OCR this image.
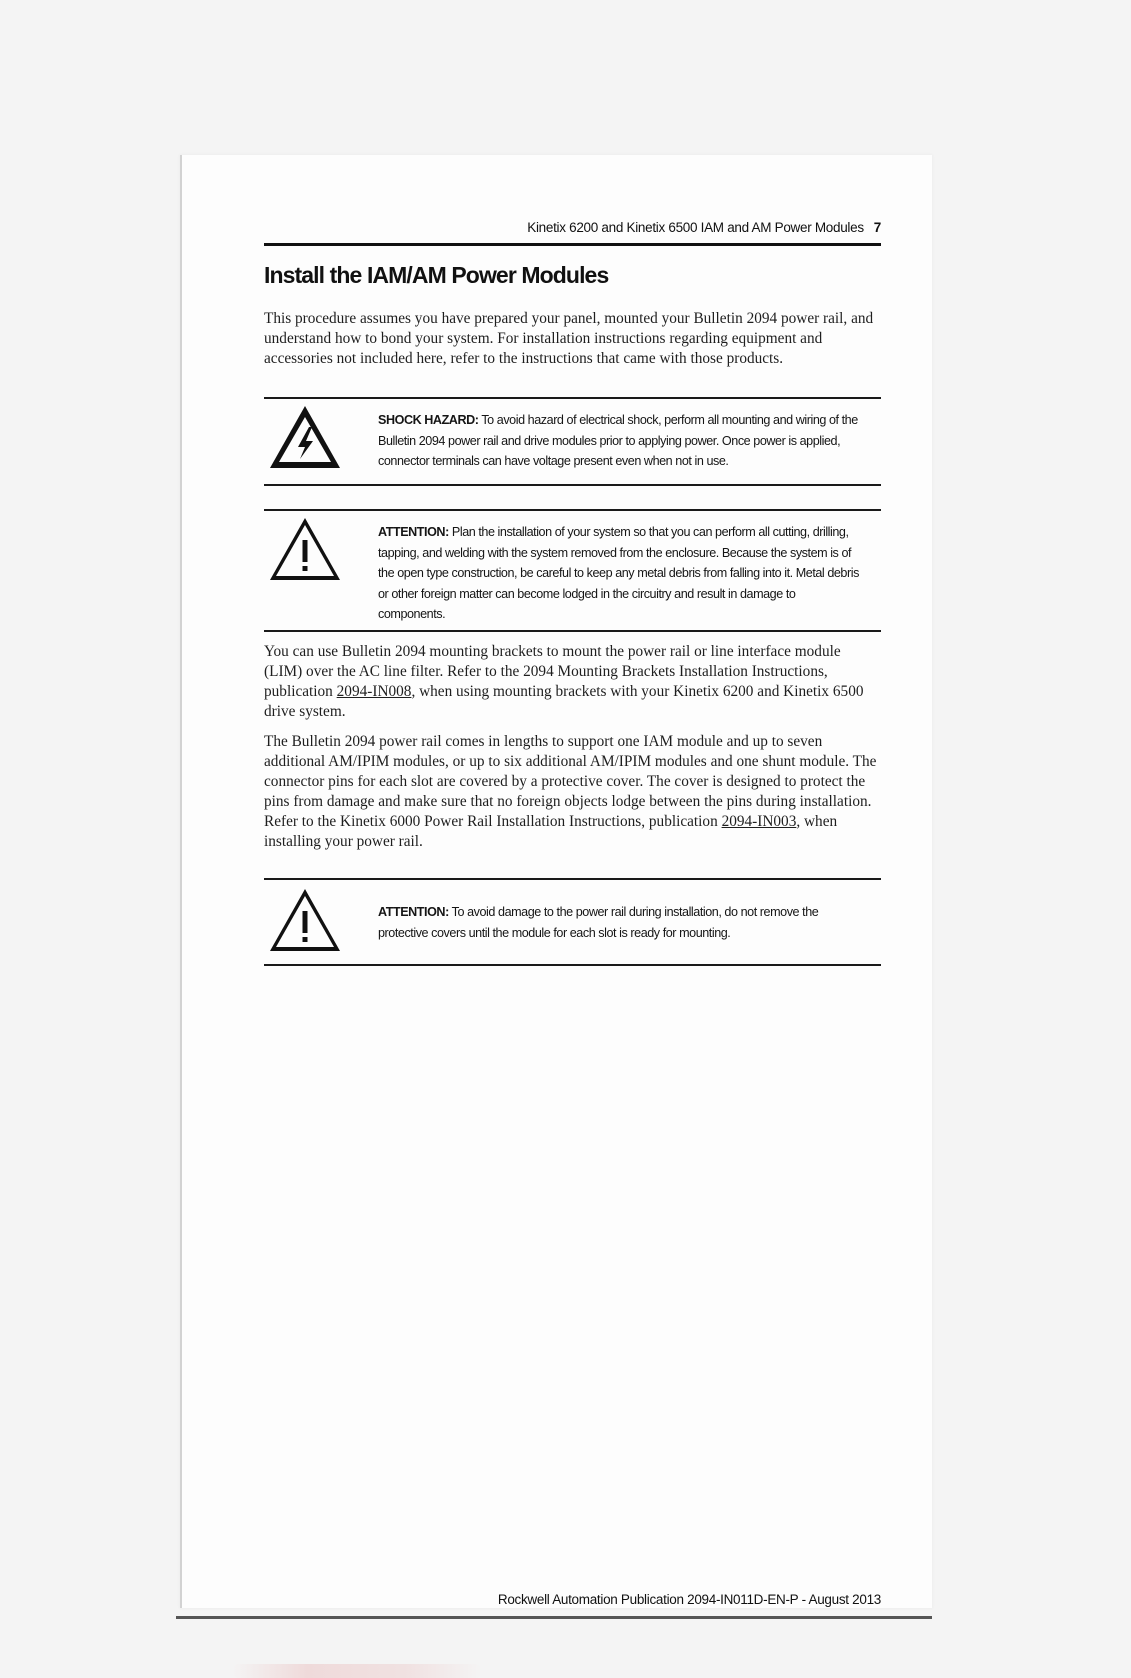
Kinetix 6200 and Kinetix 6500 IAM and AM Power Modules 7
Install the IAM/AM Power Modules

This procedure assumes you have prepared your panel, mounted your Bulletin 2094 power rail, and understand how to bond your system. For installation instructions regarding equipment and accessories not included here, refer to the instructions that came with those products.

SHOCK HAZARD: To avoid hazard of electrical shock, perform all mounting and wiring of the Bulletin 2094 power rail and drive modules prior to applying power. Once power is applied, connector terminals can have voltage present even when not in use.

ATTENTION: Plan the installation of your system so that you can perform all cutting, drilling, tapping, and welding with the system removed from the enclosure. Because the system is of the open type construction, be careful to keep any metal debris from falling into it. Metal debris or other foreign matter can become lodged in the circuitry and result in damage to components.

You can use Bulletin 2094 mounting brackets to mount the power rail or line interface module (LIM) over the AC line filter. Refer to the 2094 Mounting Brackets Installation Instructions, publication 2094-IN008, when using mounting brackets with your Kinetix 6200 and Kinetix 6500 drive system.

The Bulletin 2094 power rail comes in lengths to support one IAM module and up to seven additional AM/IPIM modules, or up to six additional AM/IPIM modules and one shunt module. The connector pins for each slot are covered by a protective cover. The cover is designed to protect the pins from damage and make sure that no foreign objects lodge between the pins during installation. Refer to the Kinetix 6000 Power Rail Installation Instructions, publication 2094-IN003, when installing your power rail.

ATTENTION: To avoid damage to the power rail during installation, do not remove the protective covers until the module for each slot is ready for mounting.

Rockwell Automation Publication 2094-IN011D-EN-P - August 2013
